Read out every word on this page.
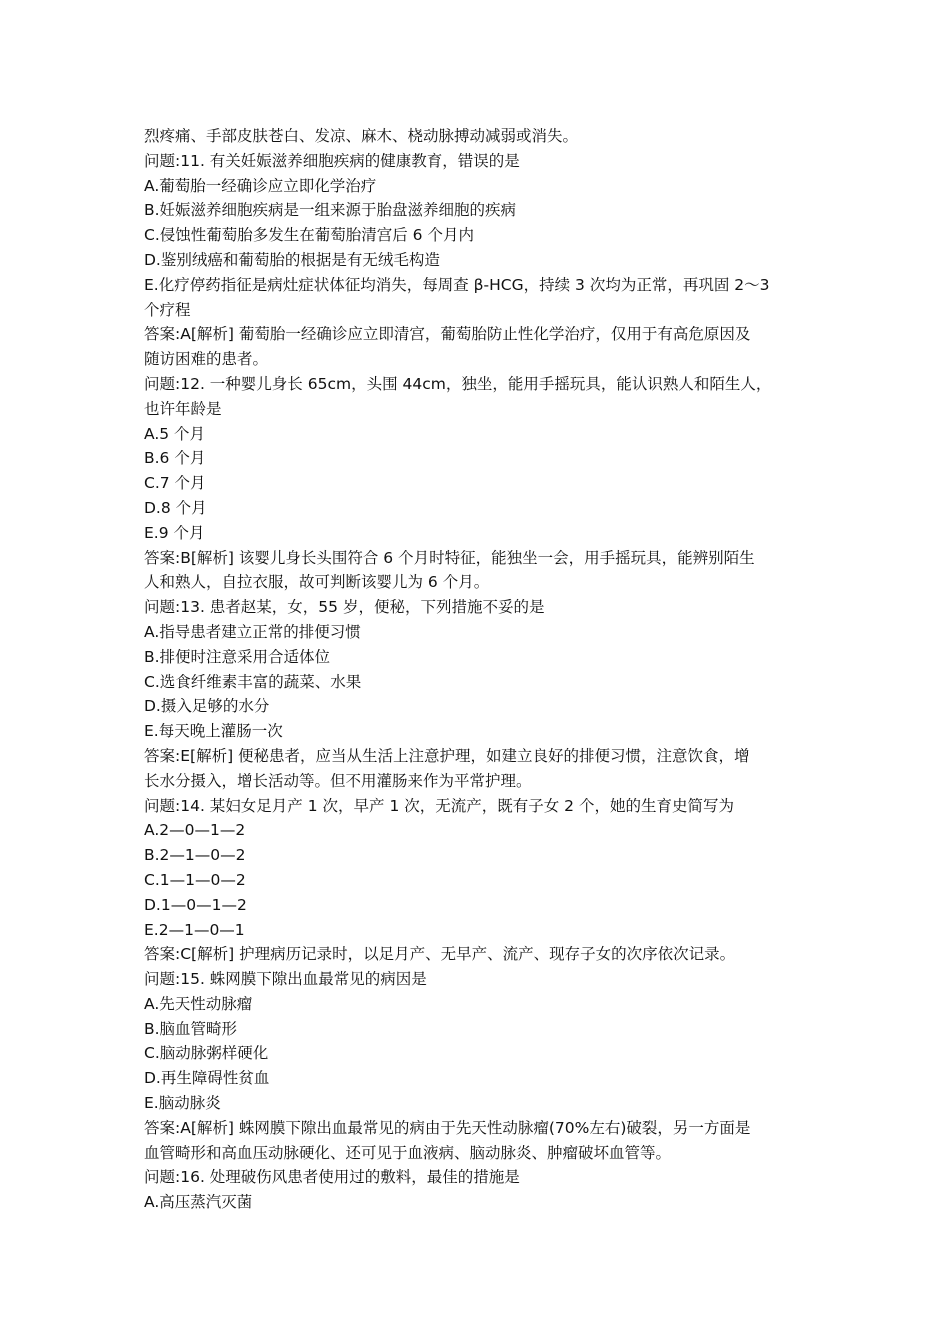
烈疼痛、手部皮肤苍白、发凉、麻木、桡动脉搏动减弱或消失。
问题:11. 有关妊娠滋养细胞疾病的健康教育，错误的是
A.葡萄胎一经确诊应立即化学治疗
B.妊娠滋养细胞疾病是一组来源于胎盘滋养细胞的疾病
C.侵蚀性葡萄胎多发生在葡萄胎清宫后 6 个月内
D.鉴别绒癌和葡萄胎的根据是有无绒毛构造
E.化疗停药指征是病灶症状体征均消失，每周查 β-HCG，持续 3 次均为正常，再巩固 2～3
个疗程
答案:A[解析] 葡萄胎一经确诊应立即清宫，葡萄胎防止性化学治疗，仅用于有高危原因及
随访困难的患者。
问题:12. 一种婴儿身长 65cm，头围 44cm，独坐，能用手摇玩具，能认识熟人和陌生人，
也许年龄是
A.5 个月
B.6 个月
C.7 个月
D.8 个月
E.9 个月
答案:B[解析] 该婴儿身长头围符合 6 个月时特征，能独坐一会，用手摇玩具，能辨别陌生
人和熟人，自拉衣服，故可判断该婴儿为 6 个月。
问题:13. 患者赵某，女，55 岁，便秘，下列措施不妥的是
A.指导患者建立正常的排便习惯
B.排便时注意采用合适体位
C.选食纤维素丰富的蔬菜、水果
D.摄入足够的水分
E.每天晚上灌肠一次
答案:E[解析] 便秘患者，应当从生活上注意护理，如建立良好的排便习惯，注意饮食，增
长水分摄入，增长活动等。但不用灌肠来作为平常护理。
问题:14. 某妇女足月产 1 次，早产 1 次，无流产，既有子女 2 个，她的生育史简写为
A.2—0—1—2
B.2—1—0—2
C.1—1—0—2
D.1—0—1—2
E.2—1—0—1
答案:C[解析] 护理病历记录时，以足月产、无早产、流产、现存子女的次序依次记录。
问题:15. 蛛网膜下隙出血最常见的病因是
A.先天性动脉瘤
B.脑血管畸形
C.脑动脉粥样硬化
D.再生障碍性贫血
E.脑动脉炎
答案:A[解析] 蛛网膜下隙出血最常见的病由于先天性动脉瘤(70%左右)破裂，另一方面是
血管畸形和高血压动脉硬化、还可见于血液病、脑动脉炎、肿瘤破坏血管等。
问题:16. 处理破伤风患者使用过的敷料，最佳的措施是
A.高压蒸汽灭菌
